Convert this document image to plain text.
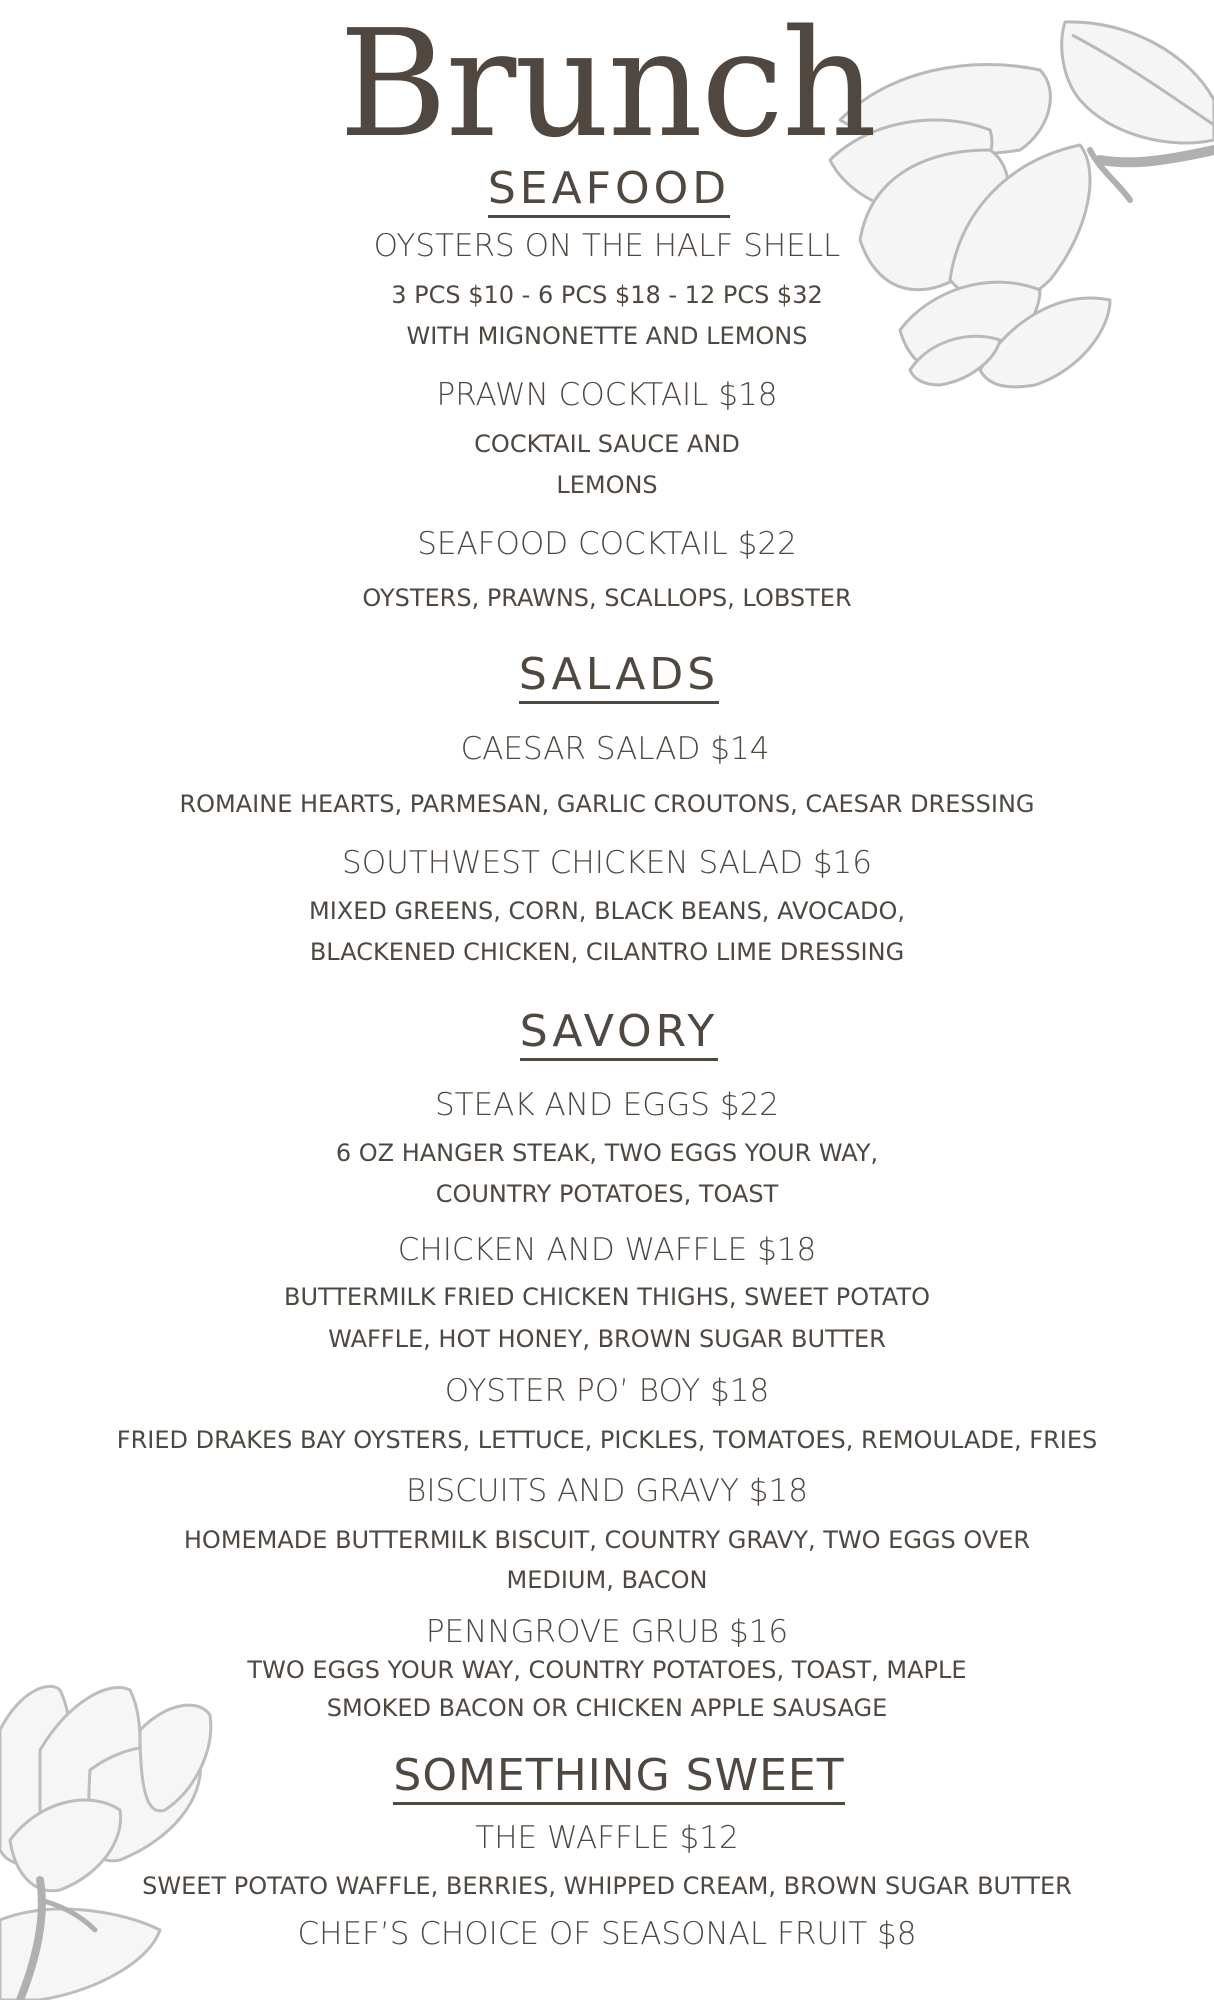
Brunch
SEAFOOD
OYSTERS ON THE HALF SHELL
3 PCS $10 - 6 PCS $18 - 12 PCS $32
WITH MIGNONETTE AND LEMONS
PRAWN COCKTAIL $18
COCKTAIL SAUCE AND
LEMONS
SEAFOOD COCKTAIL $22
OYSTERS, PRAWNS, SCALLOPS, LOBSTER
SALADS
CAESAR SALAD $14
ROMAINE HEARTS, PARMESAN, GARLIC CROUTONS, CAESAR DRESSING
SOUTHWEST CHICKEN SALAD $16
MIXED GREENS, CORN, BLACK BEANS, AVOCADO,
BLACKENED CHICKEN, CILANTRO LIME DRESSING
SAVORY
STEAK AND EGGS $22
6 OZ HANGER STEAK, TWO EGGS YOUR WAY,
COUNTRY POTATOES, TOAST
CHICKEN AND WAFFLE $18
BUTTERMILK FRIED CHICKEN THIGHS, SWEET POTATO
WAFFLE, HOT HONEY, BROWN SUGAR BUTTER
OYSTER PO’ BOY $18
FRIED DRAKES BAY OYSTERS, LETTUCE, PICKLES, TOMATOES, REMOULADE, FRIES
BISCUITS AND GRAVY $18
HOMEMADE BUTTERMILK BISCUIT, COUNTRY GRAVY, TWO EGGS OVER
MEDIUM, BACON
PENNGROVE GRUB $16
TWO EGGS YOUR WAY, COUNTRY POTATOES, TOAST, MAPLE
SMOKED BACON OR CHICKEN APPLE SAUSAGE
SOMETHING SWEET
THE WAFFLE $12
SWEET POTATO WAFFLE, BERRIES, WHIPPED CREAM, BROWN SUGAR BUTTER
CHEF’S CHOICE OF SEASONAL FRUIT $8
